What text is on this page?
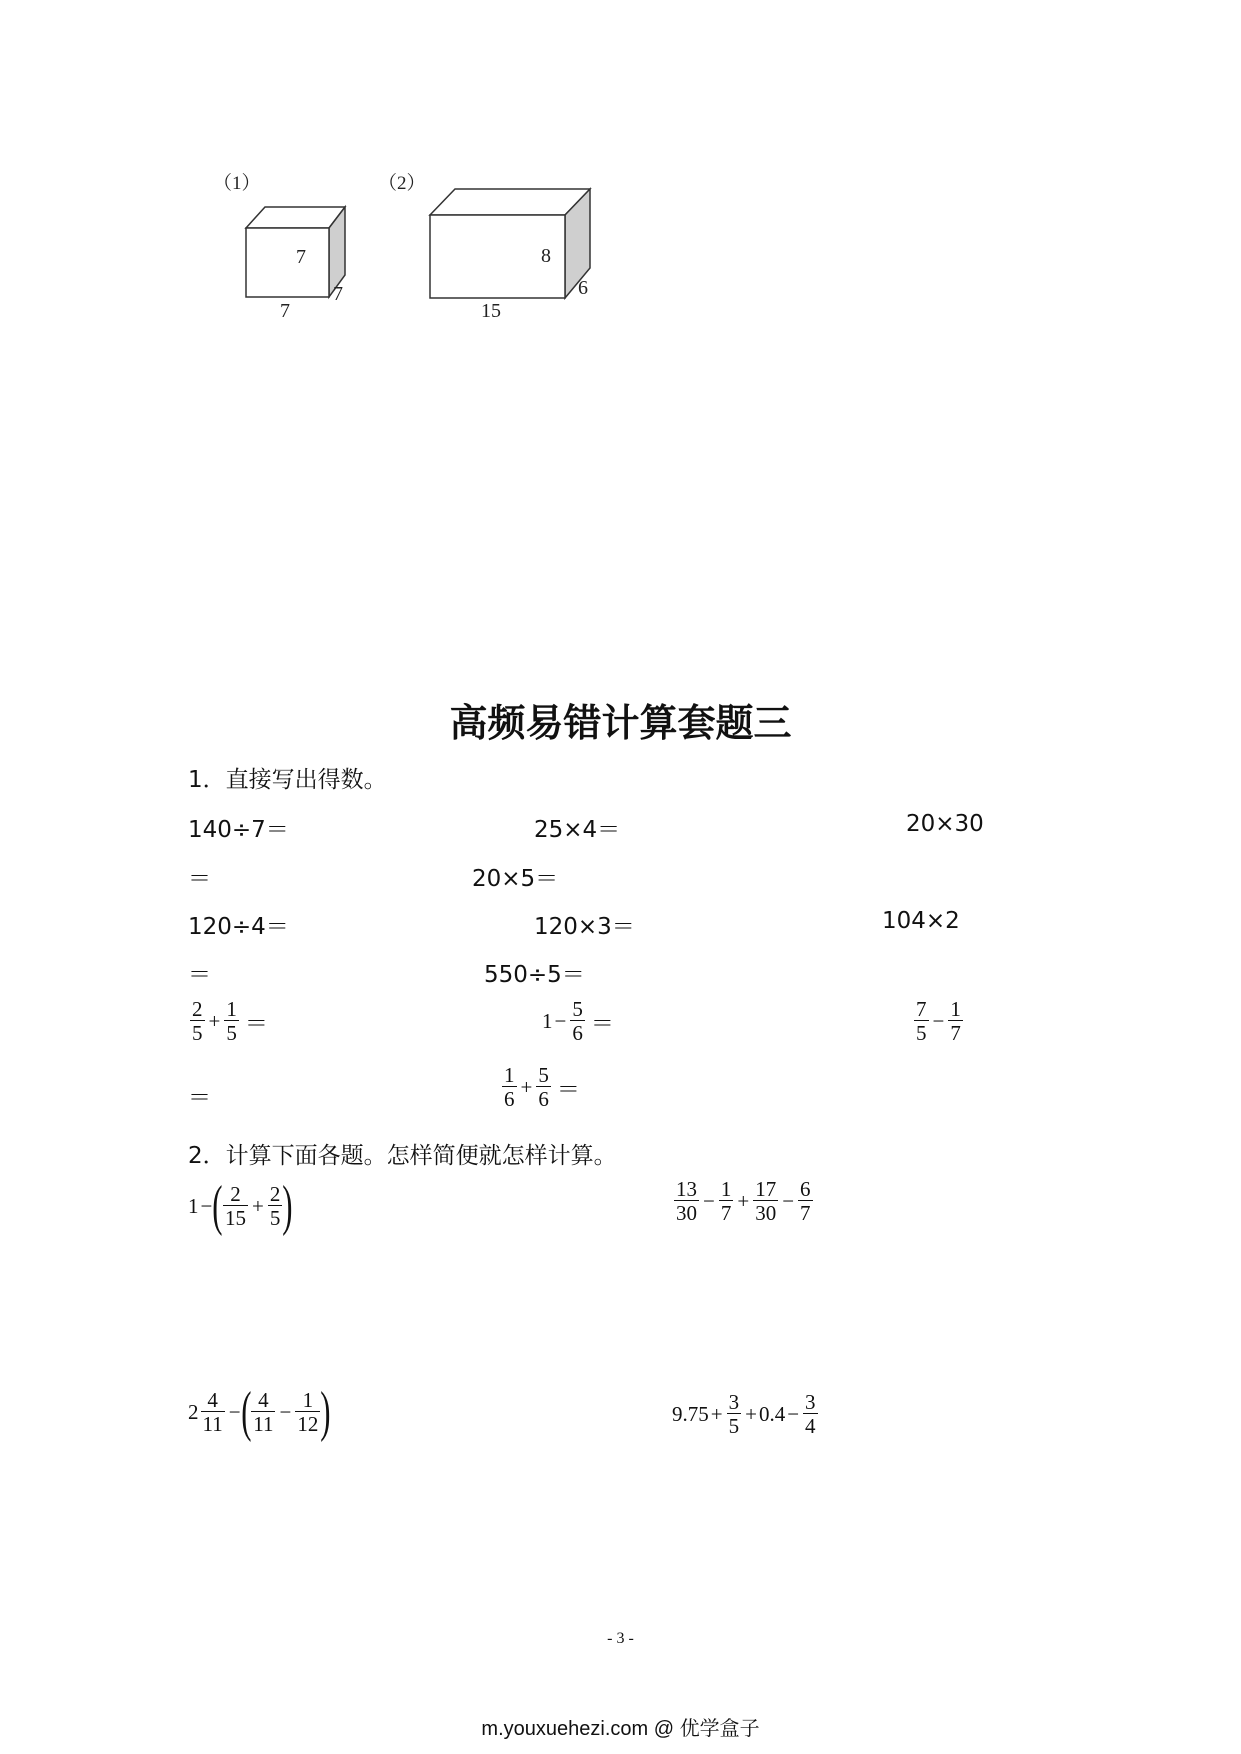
（1）	（2）
7
7
7
8
15
6
高频易错计算套题三
1．直接写出得数。
140÷7＝	25×4＝	20×30
＝	20×5＝
120÷4＝	120×3＝	104×2
＝	550÷5＝
$\frac{2}{5} + \frac{1}{5}$ ＝	$1 - \frac{5}{6}$ ＝	$\frac{7}{5} - \frac{1}{7}$
＝	$\frac{1}{6} + \frac{5}{6}$ ＝
2．计算下面各题。怎样简便就怎样计算。
1 − ( $\frac{2}{15} + \frac{2}{5}$ )	$\frac{13}{30} - \frac{1}{7} + \frac{17}{30} - \frac{6}{7}$
$2 \frac{4}{11}$ − ( $\frac{4}{11} - \frac{1}{12}$ )	$9.75 + \frac{3}{5} + 0.4 - \frac{3}{4}$
- 3 -
m.youxuehezi.com @ 优学盒子
